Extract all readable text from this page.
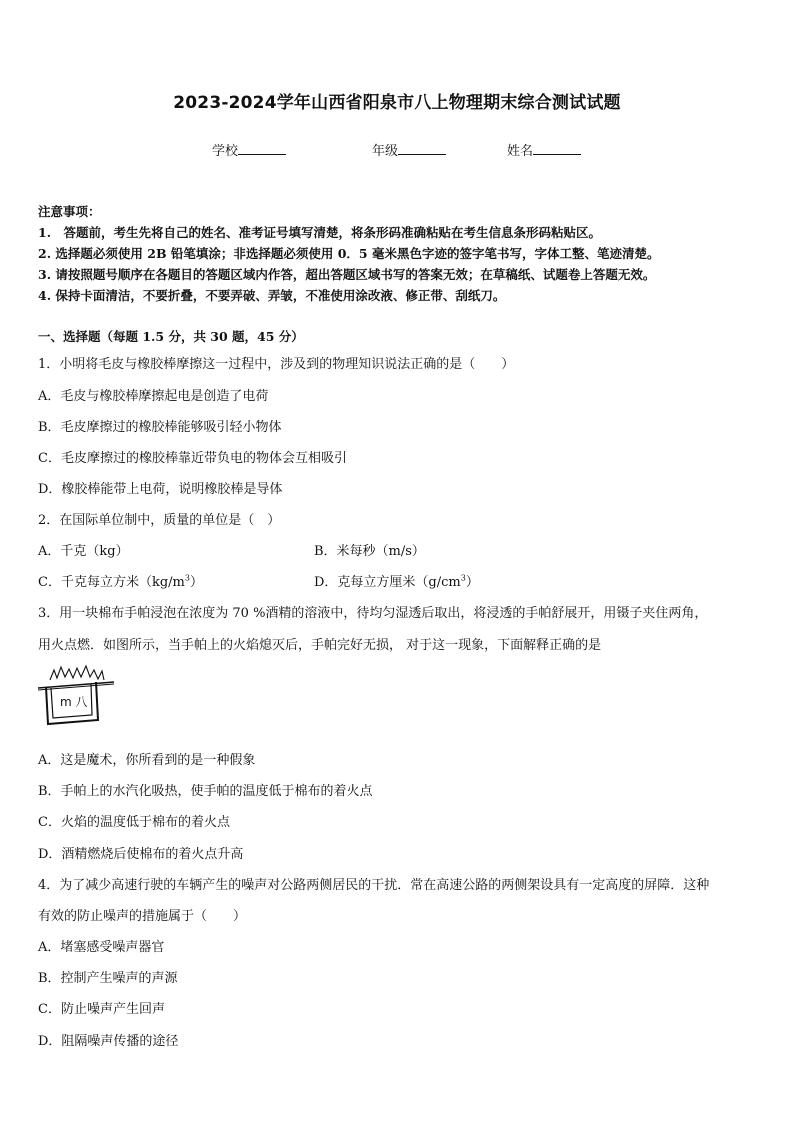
2023-2024学年山西省阳泉市八上物理期末综合测试试题
学校	年级	姓名
注意事项：
1.　答题前，考生先将自己的姓名、准考证号填写清楚，将条形码准确粘贴在考生信息条形码粘贴区。
2. 选择题必须使用 2B 铅笔填涂；非选择题必须使用 0．5 毫米黑色字迹的签字笔书写，字体工整、笔迹清楚。
3. 请按照题号顺序在各题目的答题区域内作答，超出答题区域书写的答案无效；在草稿纸、试题卷上答题无效。
4. 保持卡面清洁，不要折叠，不要弄破、弄皱，不准使用涂改液、修正带、刮纸刀。
一、选择题（每题 1.5 分，共 30 题，45 分）
1．小明将毛皮与橡胶棒摩擦这一过程中，涉及到的物理知识说法正确的是（　　）
A．毛皮与橡胶棒摩擦起电是创造了电荷
B．毛皮摩擦过的橡胶棒能够吸引轻小物体
C．毛皮摩擦过的橡胶棒靠近带负电的物体会互相吸引
D．橡胶棒能带上电荷，说明橡胶棒是导体
2．在国际单位制中，质量的单位是（　）
A．千克（kg）	B．米每秒（m/s）
C．千克每立方米$(kg/m^3)$	D．克每立方厘米$(g/cm^3)$
3．用一块棉布手帕浸泡在浓度为 70 %酒精的溶液中，待均匀湿透后取出，将浸透的手帕舒展开，用镊子夹住两角，
用火点燃．如图所示，当手帕上的火焰熄灭后，手帕完好无损， 对于这一现象，下面解释正确的是
m 八
A．这是魔术，你所看到的是一种假象
B．手帕上的水汽化吸热，使手帕的温度低于棉布的着火点
C．火焰的温度低于棉布的着火点
D．酒精燃烧后使棉布的着火点升高
4．为了减少高速行驶的车辆产生的噪声对公路两侧居民的干扰．常在高速公路的两侧架设具有一定高度的屏障．这种
有效的防止噪声的措施属于（　　）
A．堵塞感受噪声器官
B．控制产生噪声的声源
C．防止噪声产生回声
D．阻隔噪声传播的途径
